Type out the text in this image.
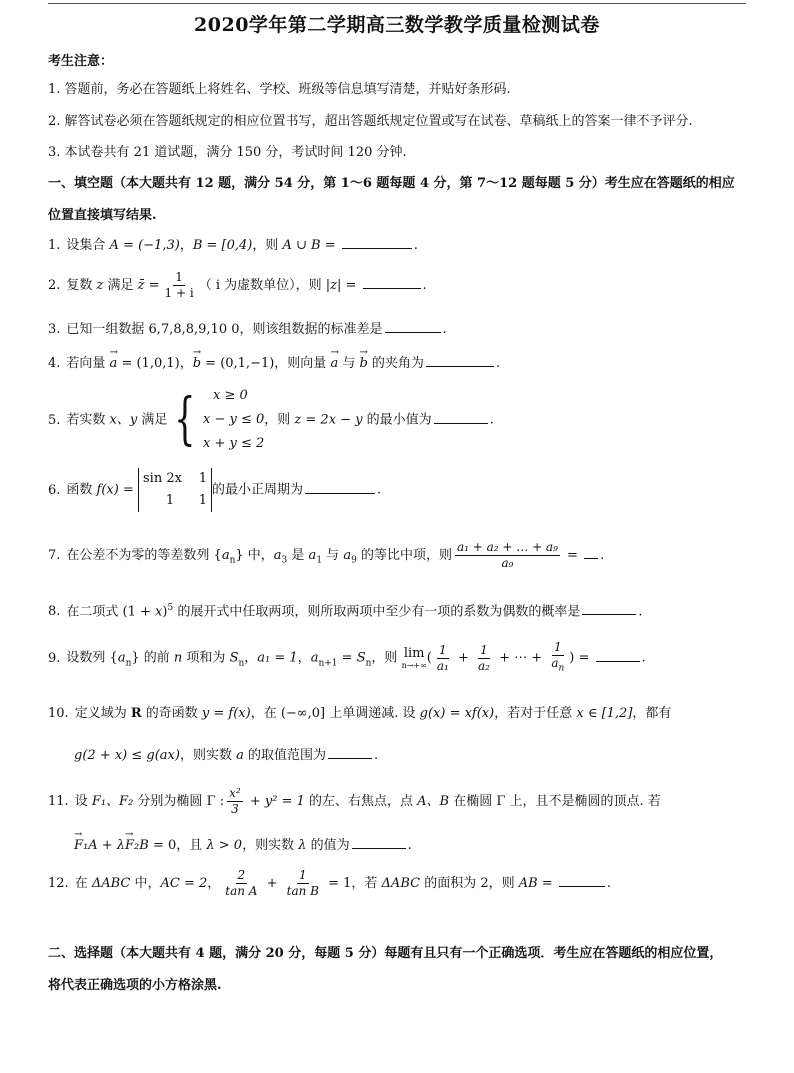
2020学年第二学期高三数学教学质量检测试卷
考生注意：
1. 答题前，务必在答题纸上将姓名、学校、班级等信息填写清楚，并贴好条形码.
2. 解答试卷必须在答题纸规定的相应位置书写，超出答题纸规定位置或写在试卷、草稿纸上的答案一律不予评分.
3. 本试卷共有 21 道试题，满分 150 分，考试时间 120 分钟.
一、填空题（本大题共有 12 题，满分 54 分，第 1～6 题每题 4 分，第 7～12 题每题 5 分）考生应在答题纸的相应
位置直接填写结果.
1. 设集合 A = (−1,3)，B = [0,4)，则 A ∪ B =	.
2. 复数 z 满足 z̄ = $\frac{1}{1 + i}$ （ i 为虚数单位），则 |z| =	.
3. 已知一组数据 6,7,8,8,9,10 0，则该组数据的标准差是	.
4. 若向量 → a = (1,0,1)，→ b = (0,1,−1)，则向量 → a 与 → b 的夹角为	.
5. 若实数 x、y 满足 {	x ≥ 0
x − y ≤ 0
x + y ≤ 2
，则 z = 2x − y 的最小值为	.
6. 函数 f(x) = sin 2x 1
1 1的最小正周期为	.
7. 在公差不为零的等差数列 $\{a_n\}$ 中，$a_3$ 是 $a_1$ 与 $a_9$ 的等比中项，则 $\frac{\text{a₁ + a₂ + … + a₉}}{\text{a₉}}$ = .
8. 在二项式 $(1 + x)^5$ 的展开式中任取两项，则所取两项中至少有一项的系数为偶数的概率是	.
9. 设数列 $\{a_n\}$ 的前 n 项和为 $S_n$，a₁ = 1，$a_{n+1} = S_n$，则 lim
n→+∞ ( $\frac{1}{\text{a₁}} + \frac{1}{\text{a₂}}$ + ⋯ + $\frac{1}{a_n}$ ) =	.
10. 定义域为 R 的奇函数 y = f(x)，在 (−∞,0] 上单调递减. 设 g(x) = xf(x)，若对于任意 x ∈ [1,2]，都有
g(2 + x) ≤ g(ax)，则实数 a 的取值范围为	.
11. 设 F₁、F₂ 分别为椭圆 Γ : $\frac{\text{x²}}{3} + y^2 = 1$ 的左、右焦点，点 A、B 在椭圆 Γ 上，且不是椭圆的顶点. 若
→ F₁A + λ→ F₂B = 0，且 λ > 0，则实数 λ 的值为	.
12. 在 ΔABC 中，AC = 2， $\frac{2}{\text{tan A}} + \frac{1}{\text{tan B}} = 1$，若 ΔABC 的面积为 2，则 AB =	.
二、选择题（本大题共有 4 题，满分 20 分，每题 5 分）每题有且只有一个正确选项．考生应在答题纸的相应位置，
将代表正确选项的小方格涂黑.
